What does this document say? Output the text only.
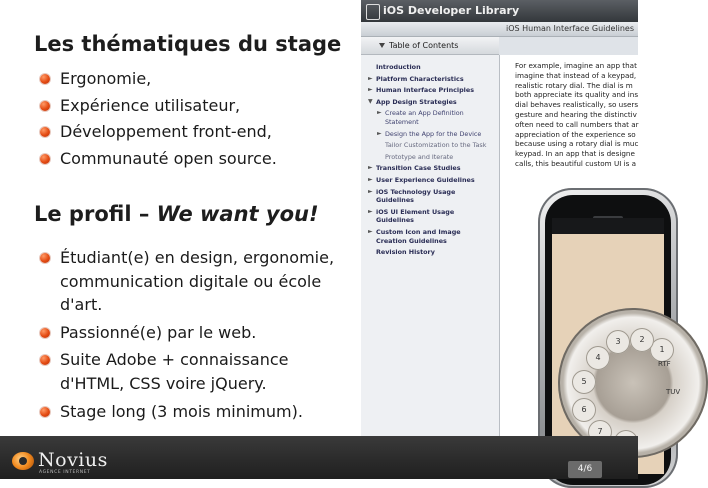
Les thématiques du stage
Ergonomie,
Expérience utilisateur,
Développement front-end,
Communauté open source.
Le profil – We want you!
Étudiant(e) en design, ergonomie, communication digitale ou école d'art.
Passionné(e) par le web.
Suite Adobe + connaissance d'HTML, CSS voire jQuery.
Stage long (3 mois minimum).
iOS Developer Library
iOS Human Interface Guidelines
Table of Contents
Introduction
► Platform Characteristics
► Human Interface Principles
▼ App Design Strategies
► Create an App Definition Statement
► Design the App for the Device
Tailor Customization to the Task
Prototype and Iterate
► Transition Case Studies
► User Experience Guidelines
► iOS Technology Usage Guidelines
► iOS UI Element Usage Guidelines
► Custom Icon and Image Creation Guidelines
Revision History
For example, imagine an app that
imagine that instead of a keypad,
realistic rotary dial. The dial is m
both appreciate its quality and ins
dial behaves realistically, so users
gesture and hearing the distinctiv
often need to call numbers that ar
appreciation of the experience so
because using a rotary dial is muc
keypad. In an app that is designe
calls, this beautiful custom UI is a
1
2
3
4
5
6
7
RTF
TUV
Novius
AGENCE INTERNET	4/6
